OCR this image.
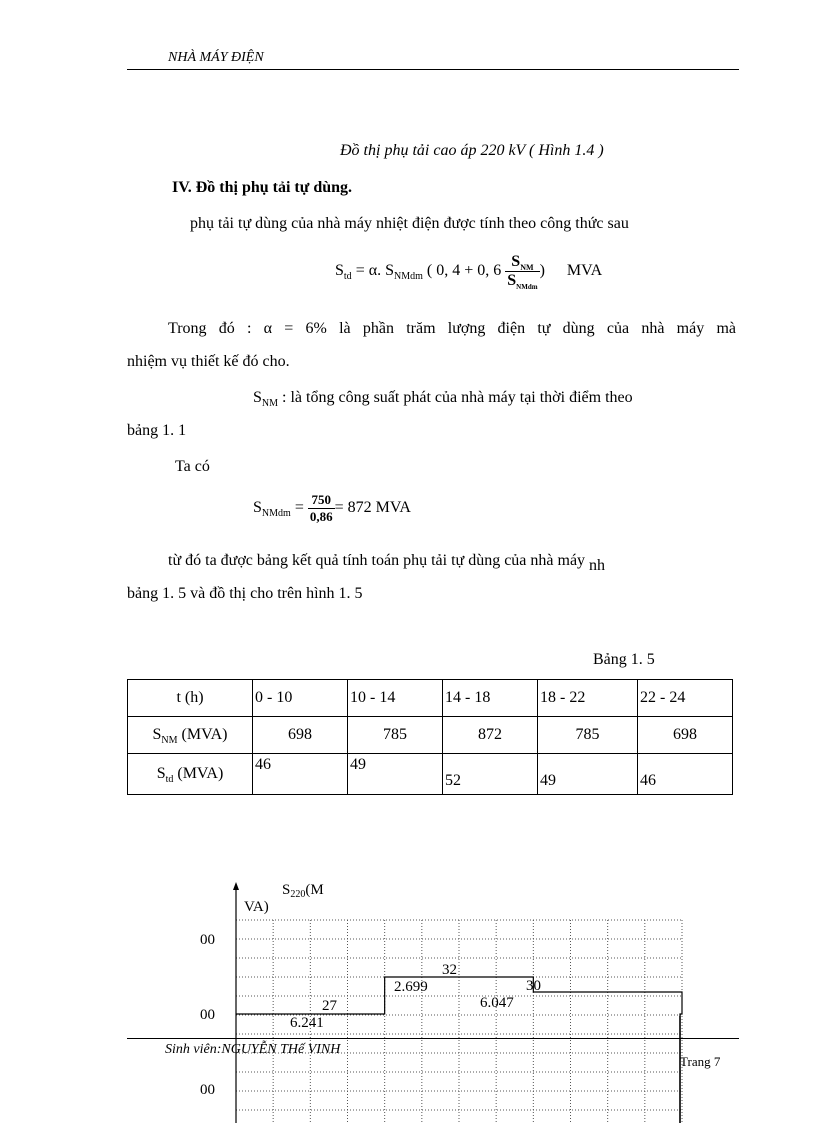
NHÀ MÁY ĐIỆN
Đồ thị phụ tải cao áp 220 kV ( Hình 1.4 )
IV. Đồ thị phụ tải tự dùng.
phụ tải tự dùng của nhà máy nhiệt điện được tính theo công thức sau
$S_{td} = \alpha$. $S_{NMdm}$ ( 0, 4 + 0, $6 \frac{S_{NM}}{S_{NMdm}}$ ) MVA
Trong đó : α = 6% là phần trăm lượng điện tự dùng của nhà máy mà
nhiệm vụ thiết kế đó cho.
$S_{NM}$ : là tổng công suất phát của nhà máy tại thời điểm theo
bảng 1. 1
Ta có
$S_{NMdm} = \frac{750}{0,86} = 872$ MVA
từ đó ta được bảng kết quả tính toán phụ tải tự dùng của nhà máy nh
bảng 1. 5 và đồ thị cho trên hình 1. 5
Bảng 1. 5
t (h)	0 - 10	10 - 14	14 - 18	18 - 22	22 - 24
$S_{NM}$ (MVA)	698	785	872	785	698
$S_{td}$ (MVA)	46	49	52	49	46
$S_{220}(M$
VA)
00
00
00
27
6.241
32
2.699	30
6.047
Sinh viên:NGUYỄN THế VINH
Trang 7
